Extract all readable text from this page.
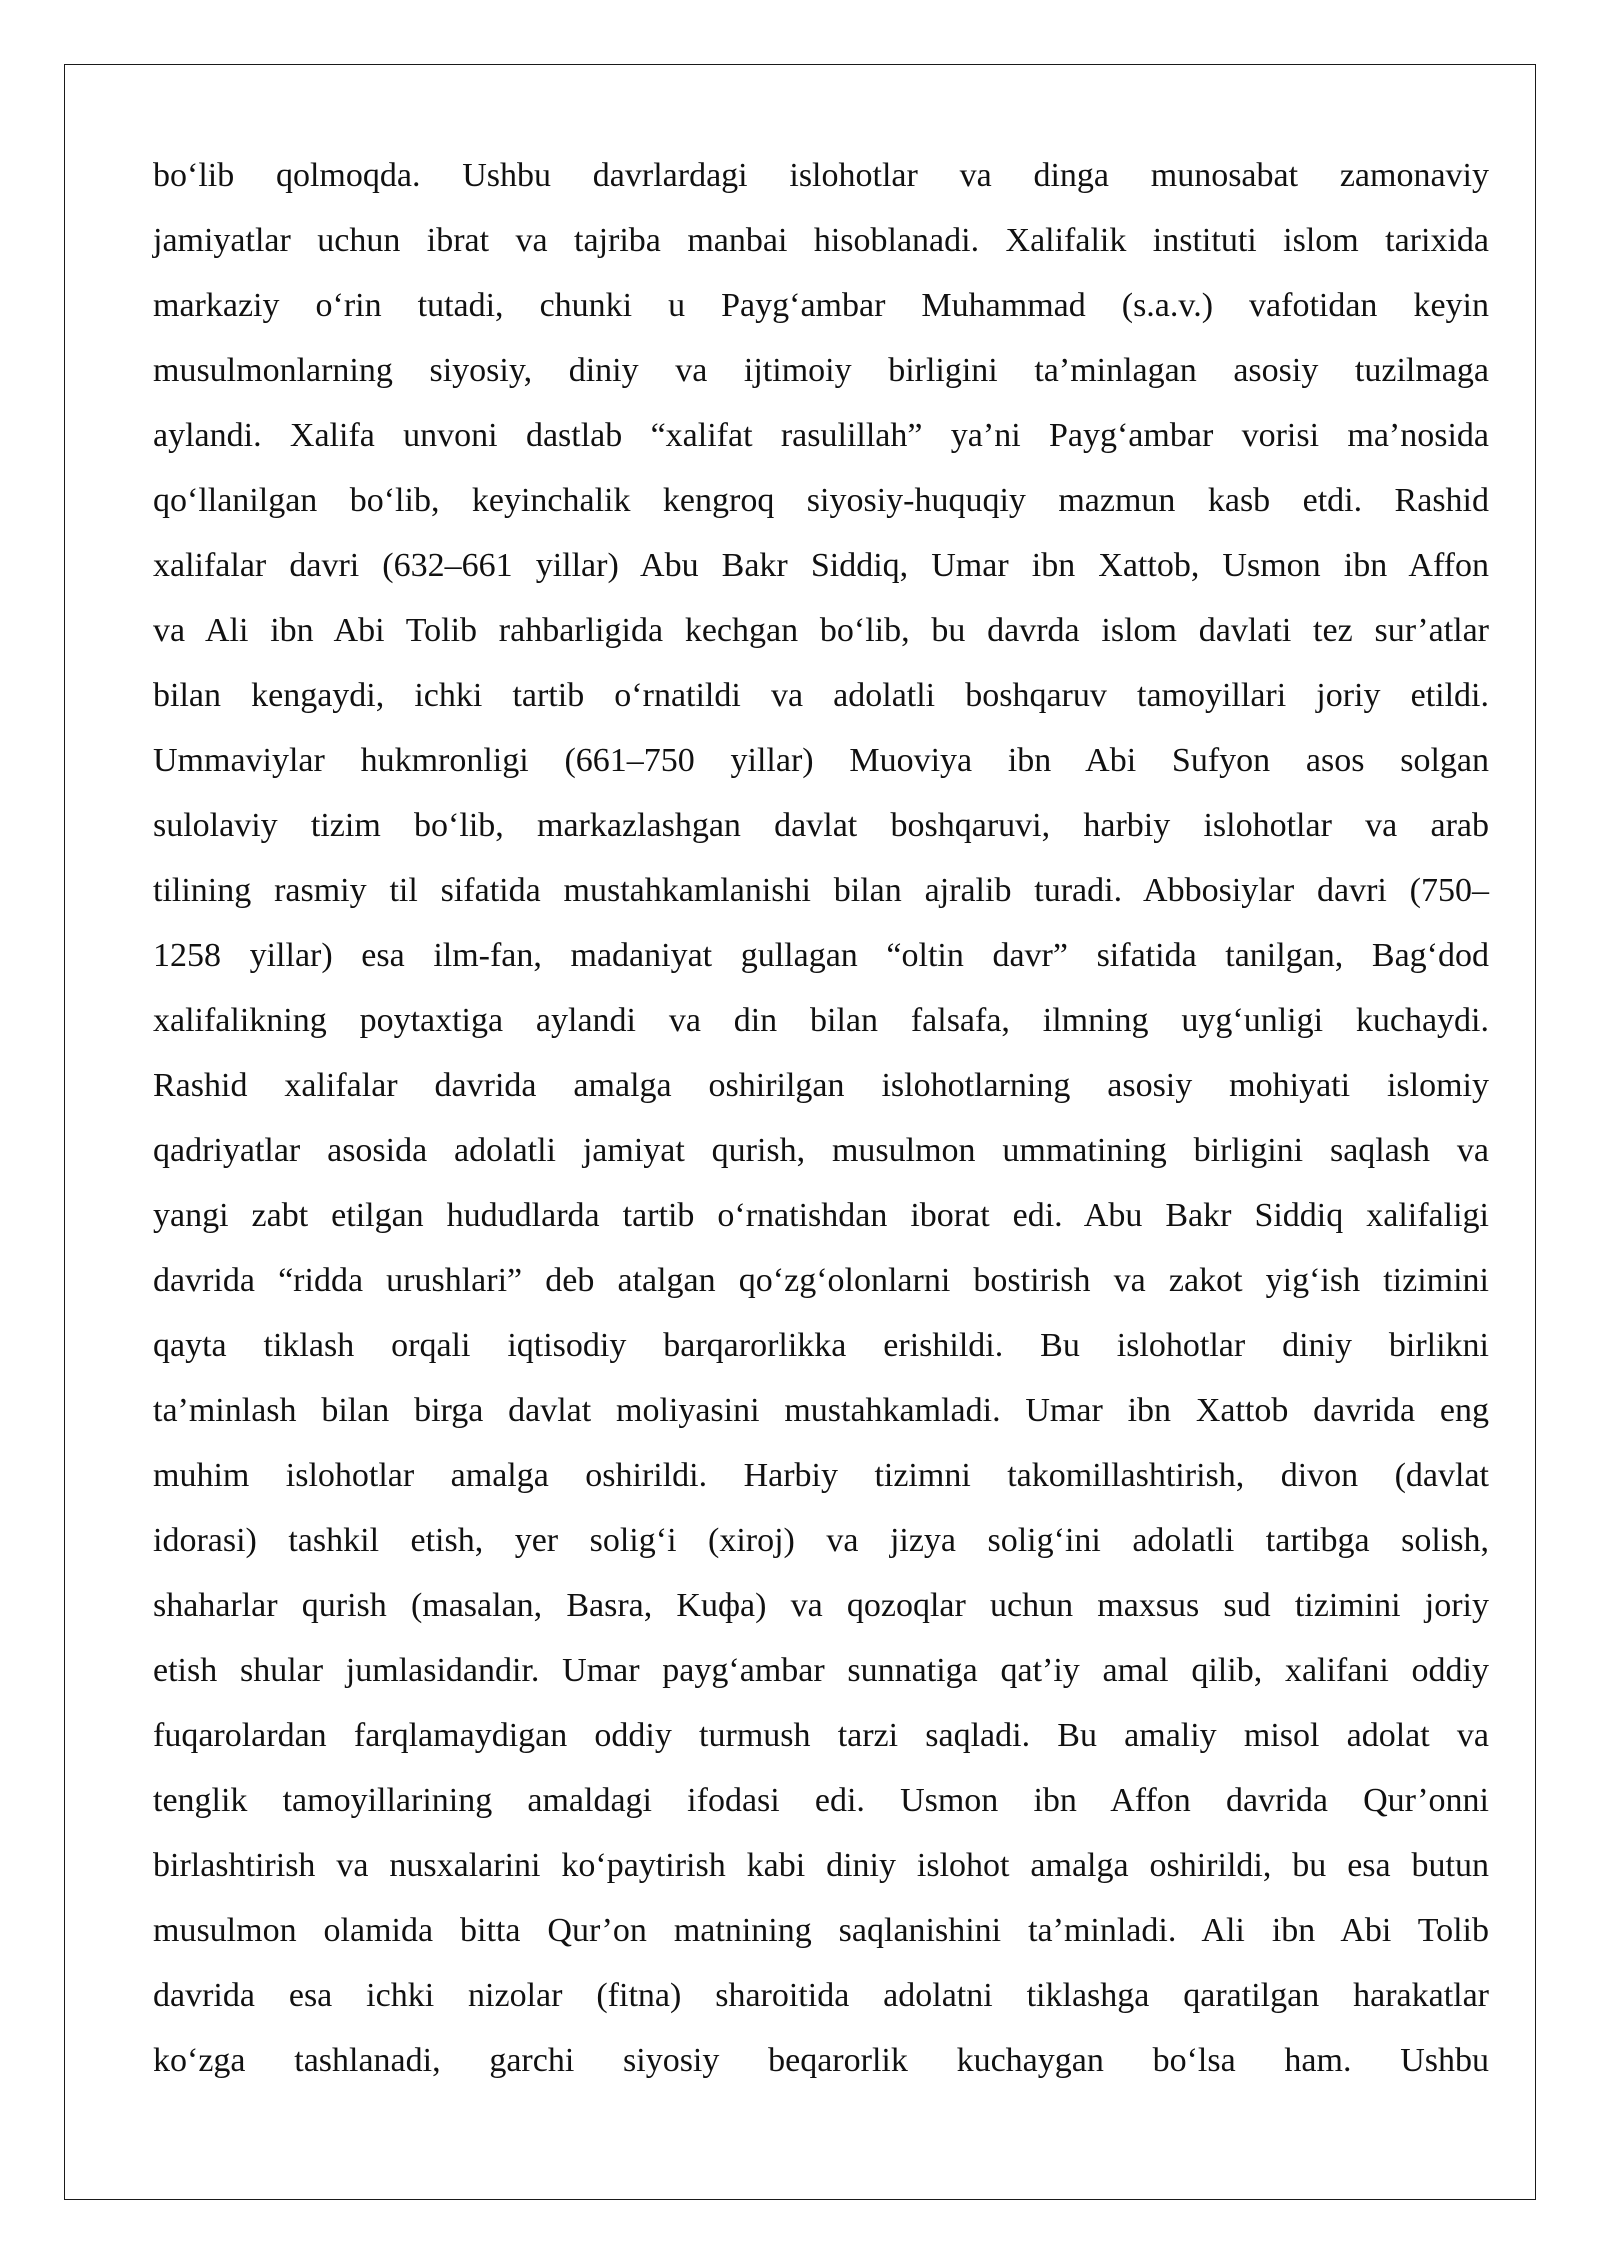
bo‘lib qolmoqda. Ushbu davrlardagi islohotlar va dinga munosabat zamonaviy
jamiyatlar uchun ibrat va tajriba manbai hisoblanadi. Xalifalik instituti islom tarixida
markaziy o‘rin tutadi, chunki u Payg‘ambar Muhammad (s.a.v.) vafotidan keyin
musulmonlarning siyosiy, diniy va ijtimoiy birligini ta’minlagan asosiy tuzilmaga
aylandi. Xalifa unvoni dastlab “xalifat rasulillah” ya’ni Payg‘ambar vorisi ma’nosida
qo‘llanilgan bo‘lib, keyinchalik kengroq siyosiy-huquqiy mazmun kasb etdi. Rashid
xalifalar davri (632–661 yillar) Abu Bakr Siddiq, Umar ibn Xattob, Usmon ibn Affon
va Ali ibn Abi Tolib rahbarligida kechgan bo‘lib, bu davrda islom davlati tez sur’atlar
bilan kengaydi, ichki tartib o‘rnatildi va adolatli boshqaruv tamoyillari joriy etildi.
Ummaviylar hukmronligi (661–750 yillar) Muoviya ibn Abi Sufyon asos solgan
sulolaviy tizim bo‘lib, markazlashgan davlat boshqaruvi, harbiy islohotlar va arab
tilining rasmiy til sifatida mustahkamlanishi bilan ajralib turadi. Abbosiylar davri (750–
1258 yillar) esa ilm-fan, madaniyat gullagan “oltin davr” sifatida tanilgan, Bag‘dod
xalifalikning poytaxtiga aylandi va din bilan falsafa, ilmning uyg‘unligi kuchaydi.
Rashid xalifalar davrida amalga oshirilgan islohotlarning asosiy mohiyati islomiy
qadriyatlar asosida adolatli jamiyat qurish, musulmon ummatining birligini saqlash va
yangi zabt etilgan hududlarda tartib o‘rnatishdan iborat edi. Abu Bakr Siddiq xalifaligi
davrida “ridda urushlari” deb atalgan qo‘zg‘olonlarni bostirish va zakot yig‘ish tizimini
qayta tiklash orqali iqtisodiy barqarorlikka erishildi. Bu islohotlar diniy birlikni
ta’minlash bilan birga davlat moliyasini mustahkamladi. Umar ibn Xattob davrida eng
muhim islohotlar amalga oshirildi. Harbiy tizimni takomillashtirish, divon (davlat
idorasi) tashkil etish, yer solig‘i (xiroj) va jizya solig‘ini adolatli tartibga solish,
shaharlar qurish (masalan, Basra, Kuфa) va qozoqlar uchun maxsus sud tizimini joriy
etish shular jumlasidandir. Umar payg‘ambar sunnatiga qat’iy amal qilib, xalifani oddiy
fuqarolardan farqlamaydigan oddiy turmush tarzi saqladi. Bu amaliy misol adolat va
tenglik tamoyillarining amaldagi ifodasi edi. Usmon ibn Affon davrida Qur’onni
birlashtirish va nusxalarini ko‘paytirish kabi diniy islohot amalga oshirildi, bu esa butun
musulmon olamida bitta Qur’on matnining saqlanishini ta’minladi. Ali ibn Abi Tolib
davrida esa ichki nizolar (fitna) sharoitida adolatni tiklashga qaratilgan harakatlar
ko‘zga tashlanadi, garchi siyosiy beqarorlik kuchaygan bo‘lsa ham. Ushbu
